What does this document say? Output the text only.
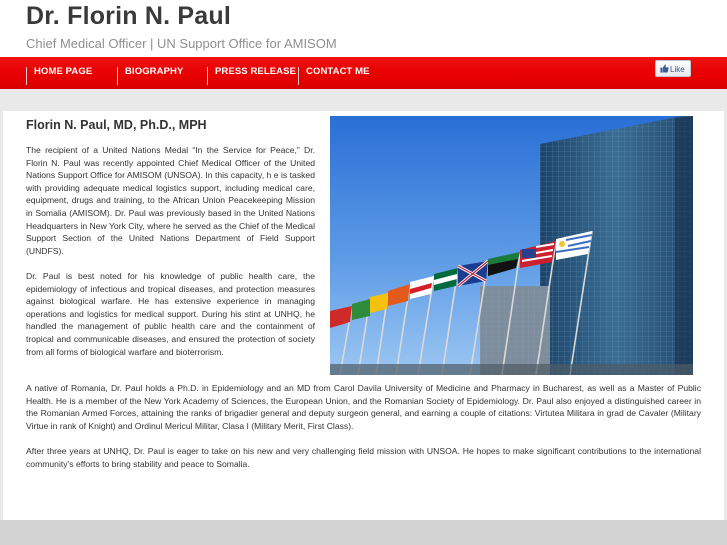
Dr. Florin N. Paul
Chief Medical Officer | UN Support Office for AMISOM
HOME PAGE	BIOGRAPHY	PRESS RELEASE CONTACT ME	Like
Florin N. Paul, MD, Ph.D., MPH

The recipient of a United Nations Medal “In the Service for Peace,” Dr. Florin N. Paul was recently appointed Chief Medical Officer of the United Nations Support Office for AMISOM (UNSOA). In this capacity, h e is tasked with providing adequate medical logistics support, including medical care, equipment, drugs and training, to the African Union Peacekeeping Mission in Somalia (AMISOM). Dr. Paul was previously based in the United Nations Headquarters in New York City, where he served as the Chief of the Medical Support Section of the United Nations Department of Field Support (UNDFS).

Dr. Paul is best noted for his knowledge of public health care, the epidemiology of infectious and tropical diseases, and protection measures against biological warfare. He has extensive experience in managing operations and logistics for medical support. During his stint at UNHQ, he handled the management of public health care and the containment of tropical and communicable diseases, and ensured the protection of society from all forms of biological warfare and bioterrorism.

A native of Romania, Dr. Paul holds a Ph.D. in Epidemiology and an MD from Carol Davila University of Medicine and Pharmacy in Bucharest, as well as a Master of Public Health. He is a member of the New York Academy of Sciences, the European Union, and the Romanian Society of Epidemiology. Dr. Paul also enjoyed a distinguished career in the Romanian Armed Forces, attaining the ranks of brigadier general and deputy surgeon general, and earning a couple of citations: Virtutea Militara in grad de Cavaler (Military Virtue in rank of Knight) and Ordinul Mericul Militar, Clasa I (Military Merit, First Class).

After three years at UNHQ, Dr. Paul is eager to take on his new and very challenging field mission with UNSOA. He hopes to make significant contributions to the international community’s efforts to bring stability and peace to Somalia.
